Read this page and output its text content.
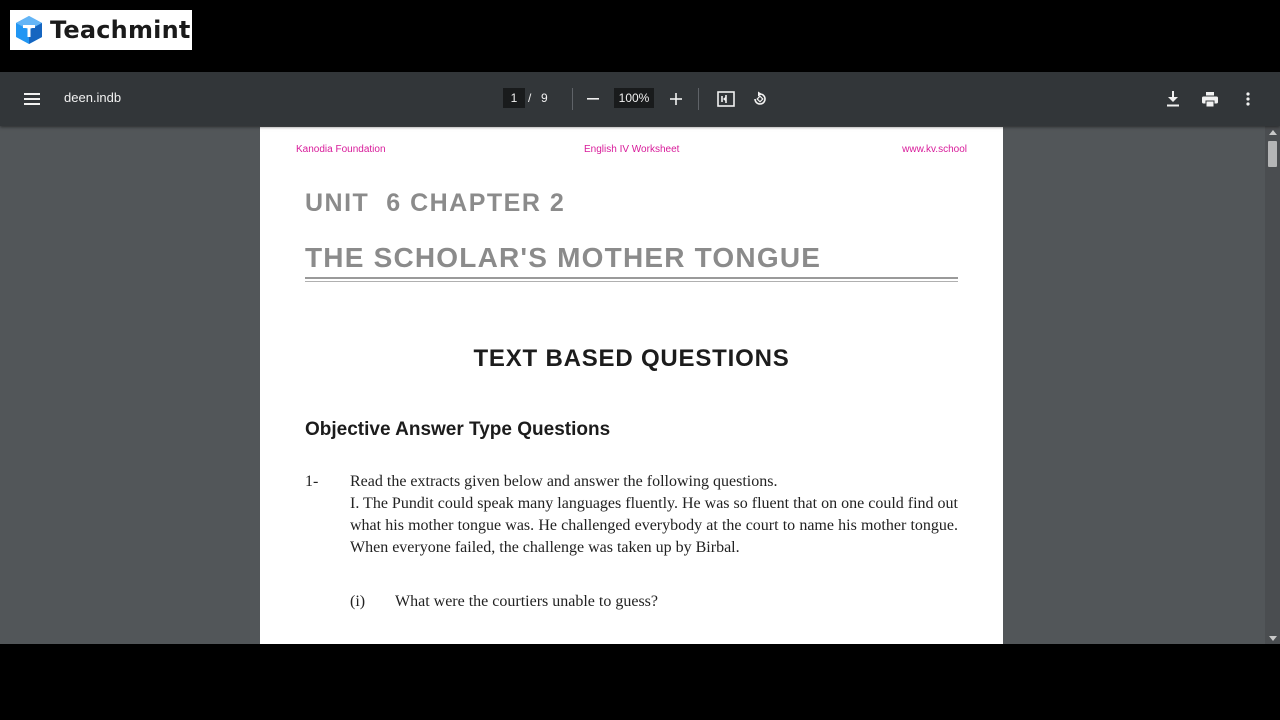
Teachmint
deen.indb
1	/ 9
100%
Kanodia Foundation	English IV Worksheet	www.kv.school
UNIT  6 CHAPTER 2
THE SCHOLAR'S MOTHER TONGUE
TEXT BASED QUESTIONS
Objective Answer Type Questions
1- Read the extracts given below and answer the following questions.

I. The Pundit could speak many languages fluently. He was so fluent that on one could find out what his mother tongue was. He challenged everybody at the court to name his mother tongue. When everyone failed, the challenge was taken up by Birbal.

(i) What were the courtiers unable to guess?
